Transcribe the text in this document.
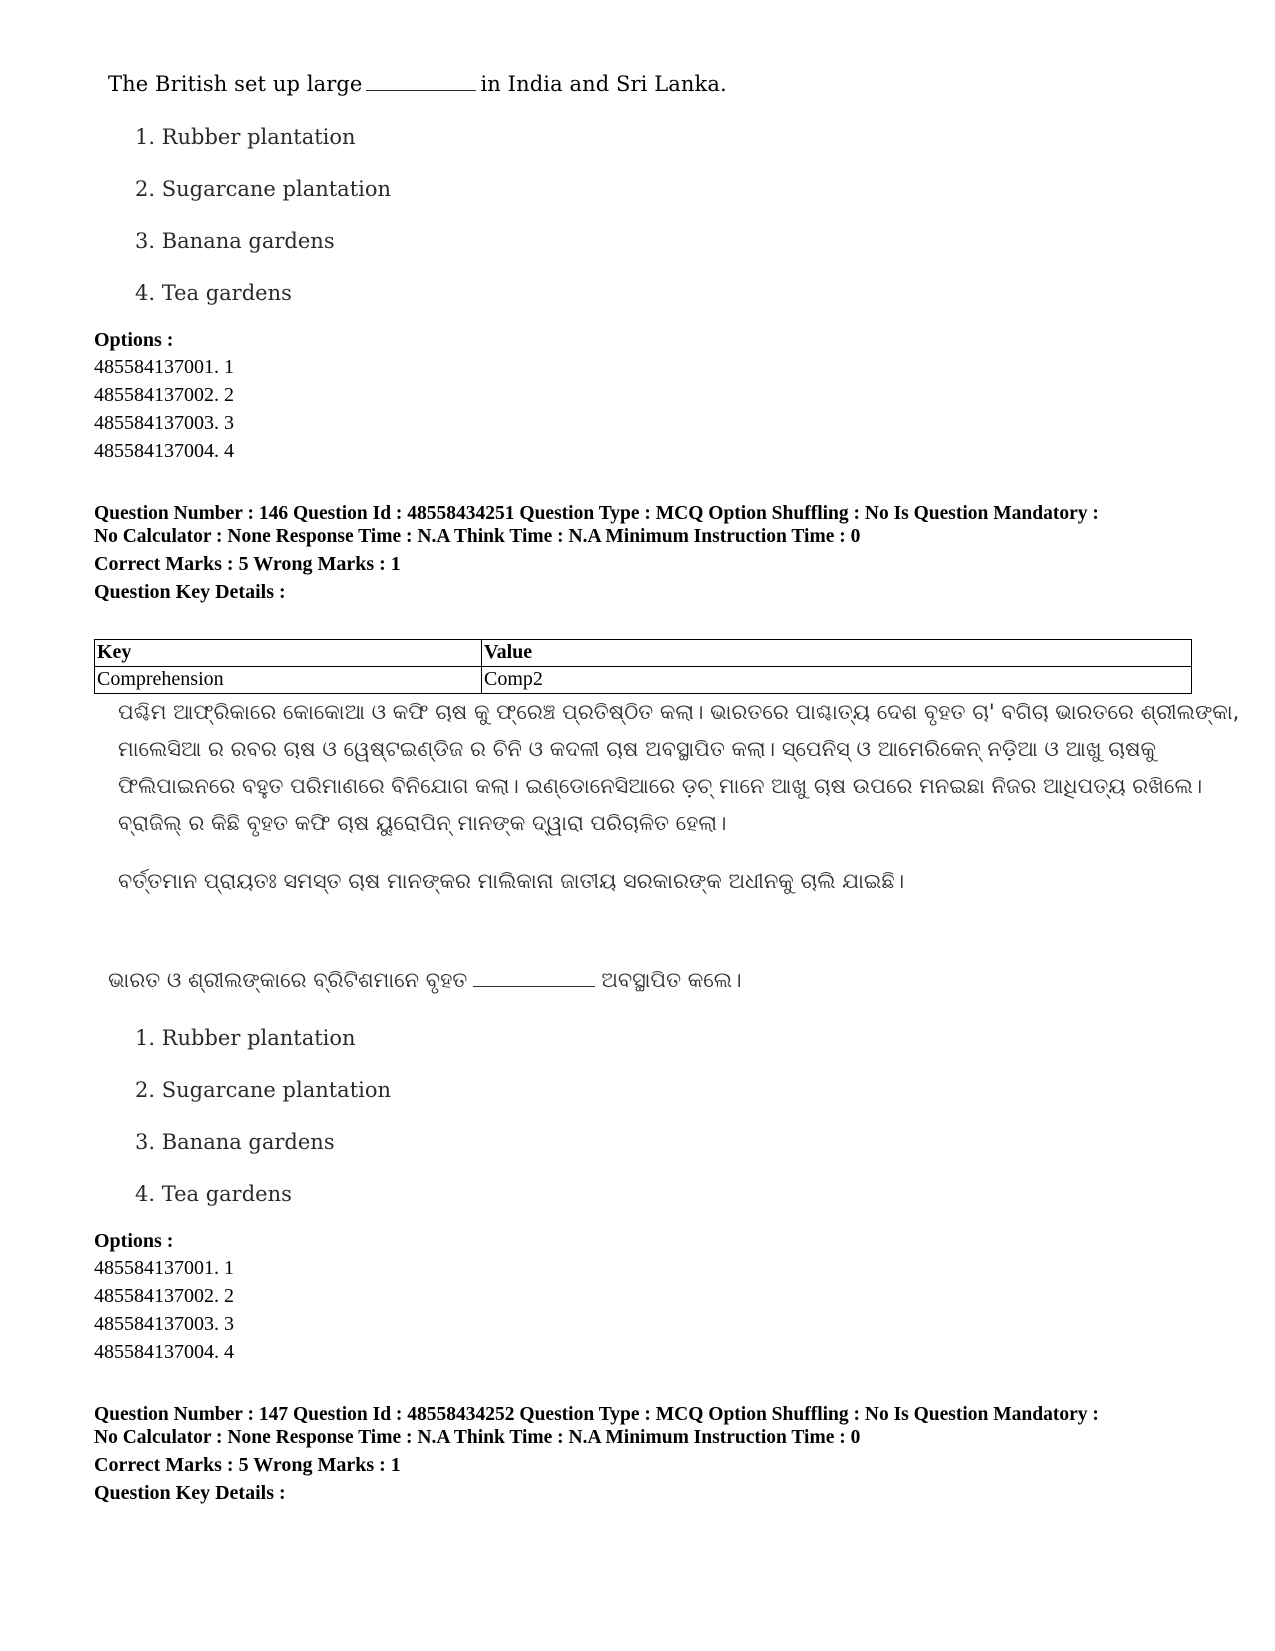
The British set up large	in India and Sri Lanka.
1. Rubber plantation
2. Sugarcane plantation
3. Banana gardens
4. Tea gardens
Options :
485584137001. 1
485584137002. 2
485584137003. 3
485584137004. 4
Question Number : 146 Question Id : 48558434251 Question Type : MCQ Option Shuffling : No Is Question Mandatory :
No Calculator : None Response Time : N.A Think Time : N.A Minimum Instruction Time : 0
Correct Marks : 5 Wrong Marks : 1
Question Key Details :
Key	Value
Comprehension	Comp2
ପଶ୍ଚିମ ଆଫ୍ରିକାରେ କୋକୋଆ ଓ କଫି ଚାଷ କୁ ଫ୍ରେଞ୍ଚ ପ୍ରତିଷ୍ଠିତ କଲା। ଭାରତରେ ପାଶ୍ଚାତ୍ୟ ଦେଶ ବୃହତ ଚା' ବଗିଚା ଭାରତରେ ଶ୍ରୀଲଙ୍କା,
ମାଲେସିଆ ର ରବର ଚାଷ ଓ ୱେଷ୍ଟଇଣ୍ଡିଜ ର ଚିନି ଓ କଦଳୀ ଚାଷ ଅବସ୍ଥାପିତ କଲା। ସ୍ପେନିସ୍ ଓ ଆମେରିକେନ୍ ନଡ଼ିଆ ଓ ଆଖୁ ଚାଷକୁ
ଫିଲିପାଇନରେ ବହୁତ ପରିମାଣରେ ବିନିଯୋଗ କଲା। ଇଣ୍ଡୋନେସିଆରେ ଡ଼ଚ୍ ମାନେ ଆଖୁ ଚାଷ ଉପରେ ମନଇଛା ନିଜର ଆଧିପତ୍ୟ ରଖିଲେ।
ବ୍ରାଜିଲ୍ ର କିଛି ବୃହତ କଫି ଚାଷ ୟୁରୋପିନ୍ ମାନଙ୍କ ଦ୍ୱାରା ପରିଚାଳିତ ହେଲା।
ବର୍ତ୍ତମାନ ପ୍ରାୟତଃ ସମସ୍ତ ଚାଷ ମାନଙ୍କର ମାଲିକାନା ଜାତୀୟ ସରକାରଙ୍କ ଅଧୀନକୁ ଚାଲି ଯାଇଛି।
ଭାରତ ଓ ଶ୍ରୀଲଙ୍କାରେ ବ୍ରିଟିଶମାନେ ବୃହତ	ଅବସ୍ଥାପିତ କଲେ।
1. Rubber plantation
2. Sugarcane plantation
3. Banana gardens
4. Tea gardens
Options :
485584137001. 1
485584137002. 2
485584137003. 3
485584137004. 4
Question Number : 147 Question Id : 48558434252 Question Type : MCQ Option Shuffling : No Is Question Mandatory :
No Calculator : None Response Time : N.A Think Time : N.A Minimum Instruction Time : 0
Correct Marks : 5 Wrong Marks : 1
Question Key Details :
